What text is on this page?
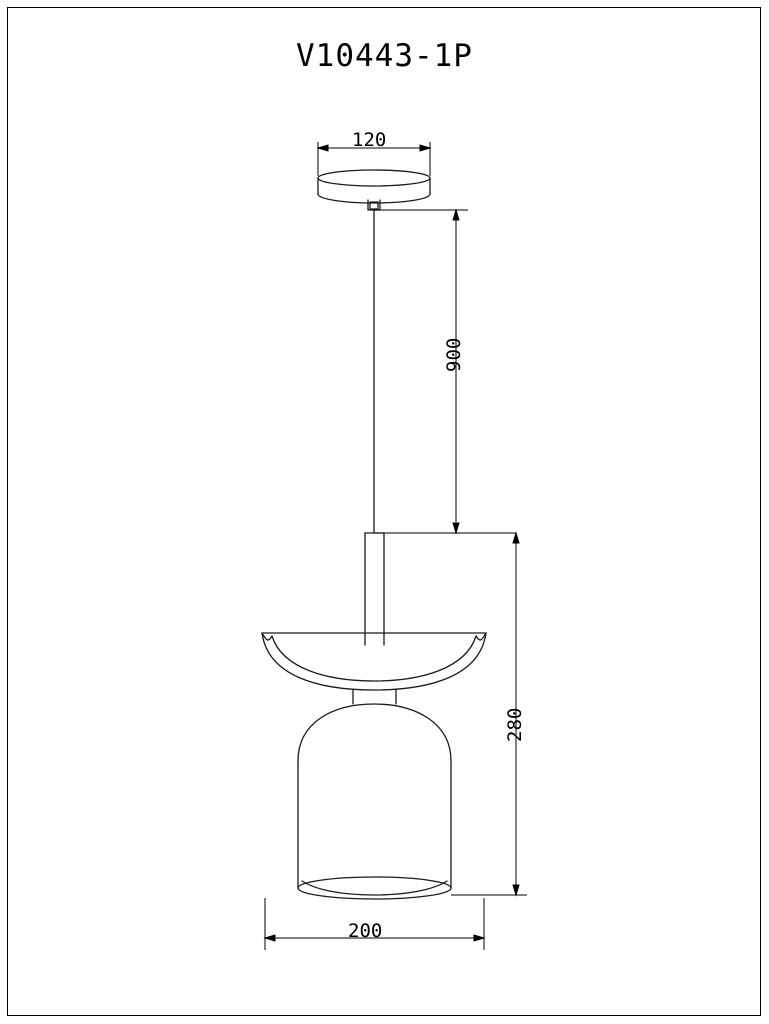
V10443-1P
120
900
280
200
